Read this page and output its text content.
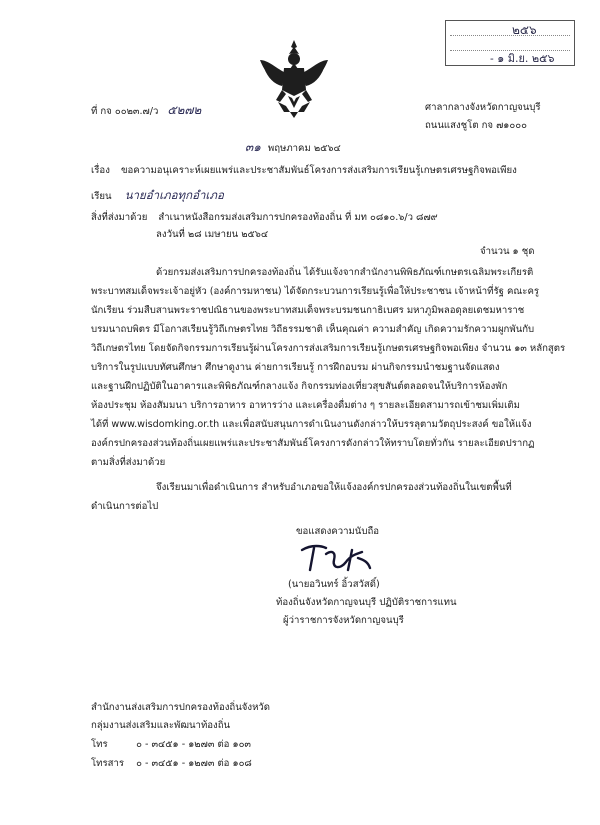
๒๕๖
- ๑ มิ.ย. ๒๕๖
ที่ กจ ๐๐๒๓.๗/ว ๕๒๗๒	ศาลากลางจังหวัดกาญจนบุรี
ถนนแสงชูโต กจ ๗๑๐๐๐
๓๑ พฤษภาคม ๒๕๖๔
เรื่อง ขอความอนุเคราะห์เผยแพร่และประชาสัมพันธ์โครงการส่งเสริมการเรียนรู้เกษตรเศรษฐกิจพอเพียง
เรียน นายอำเภอทุกอำเภอ
สิ่งที่ส่งมาด้วย สำเนาหนังสือกรมส่งเสริมการปกครองท้องถิ่น ที่ มท ๐๘๑๐.๖/ว ๘๗๙
ลงวันที่ ๒๘ เมษายน ๒๕๖๔
จำนวน ๑ ชุด
ด้วยกรมส่งเสริมการปกครองท้องถิ่น ได้รับแจ้งจากสำนักงานพิพิธภัณฑ์เกษตรเฉลิมพระเกียรติ
พระบาทสมเด็จพระเจ้าอยู่หัว (องค์การมหาชน) ได้จัดกระบวนการเรียนรู้เพื่อให้ประชาชน เจ้าหน้าที่รัฐ คณะครู
นักเรียน ร่วมสืบสานพระราชปณิธานของพระบาทสมเด็จพระบรมชนกาธิเบศร มหาภูมิพลอดุลยเดชมหาราช
บรมนาถบพิตร มีโอกาสเรียนรู้วิถีเกษตรไทย วิถีธรรมชาติ เห็นคุณค่า ความสำคัญ เกิดความรักความผูกพันกับ
วิถีเกษตรไทย โดยจัดกิจกรรมการเรียนรู้ผ่านโครงการส่งเสริมการเรียนรู้เกษตรเศรษฐกิจพอเพียง จำนวน ๑๓ หลักสูตร
บริการในรูปแบบทัศนศึกษา ศึกษาดูงาน ค่ายการเรียนรู้ การฝึกอบรม ผ่านกิจกรรมนำชมฐานจัดแสดง
และฐานฝึกปฏิบัติในอาคารและพิพิธภัณฑ์กลางแจ้ง กิจกรรมท่องเที่ยวสุขสันต์ตลอดจนให้บริการห้องพัก
ห้องประชุม ห้องสัมมนา บริการอาหาร อาหารว่าง และเครื่องดื่มต่าง ๆ รายละเอียดสามารถเข้าชมเพิ่มเติม
ได้ที่ www.wisdomking.or.th และเพื่อสนับสนุนการดำเนินงานดังกล่าวให้บรรลุตามวัตถุประสงค์ ขอให้แจ้ง
องค์กรปกครองส่วนท้องถิ่นเผยแพร่และประชาสัมพันธ์โครงการดังกล่าวให้ทราบโดยทั่วกัน รายละเอียดปรากฏ
ตามสิ่งที่ส่งมาด้วย
จึงเรียนมาเพื่อดำเนินการ สำหรับอำเภอขอให้แจ้งองค์กรปกครองส่วนท้องถิ่นในเขตพื้นที่
ดำเนินการต่อไป
ขอแสดงความนับถือ
(นายอวินทร์ อิ้วสวัสดิ์)
ท้องถิ่นจังหวัดกาญจนบุรี ปฏิบัติราชการแทน
ผู้ว่าราชการจังหวัดกาญจนบุรี
สำนักงานส่งเสริมการปกครองท้องถิ่นจังหวัด
กลุ่มงานส่งเสริมและพัฒนาท้องถิ่น
โทร	๐ - ๓๔๕๑ - ๑๒๗๓ ต่อ ๑๐๓
โทรสาร ๐ - ๓๔๕๑ - ๑๒๗๓ ต่อ ๑๐๘
